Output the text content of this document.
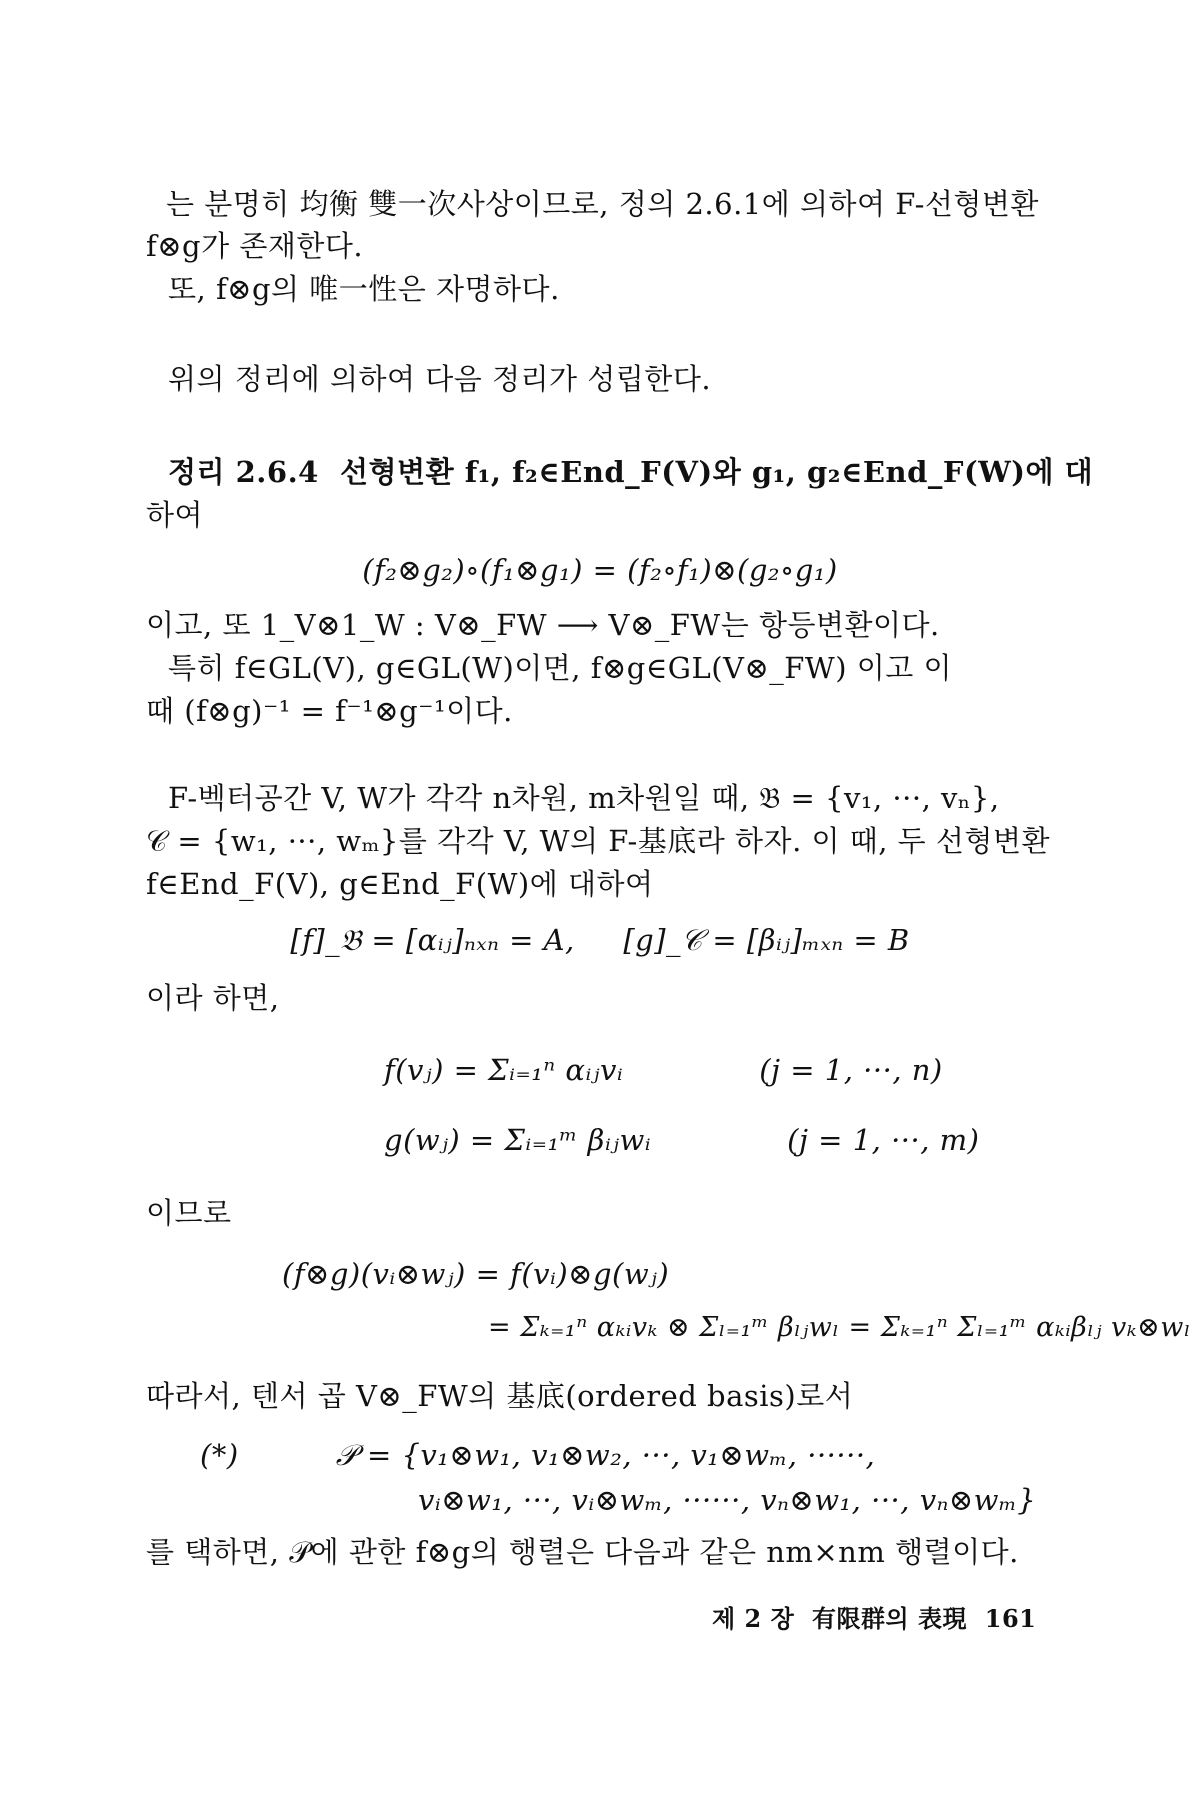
는 분명히 均衡 雙一次사상이므로, 정의 2.6.1에 의하여 F-선형변환
f⊗g가 존재한다.
또, f⊗g의 唯一性은 자명하다.
위의 정리에 의하여 다음 정리가 성립한다.
정리 2.6.4  선형변환 f₁, f₂∈End_F(V)와 g₁, g₂∈End_F(W)에 대
하여
(f₂⊗g₂)∘(f₁⊗g₁) = (f₂∘f₁)⊗(g₂∘g₁)
이고, 또 1_V⊗1_W : V⊗_FW ⟶ V⊗_FW는 항등변환이다.
특히 f∈GL(V), g∈GL(W)이면, f⊗g∈GL(V⊗_FW) 이고 이
때 (f⊗g)⁻¹ = f⁻¹⊗g⁻¹이다.
F-벡터공간 V, W가 각각 n차원, m차원일 때, 𝔅 = {v₁, ···, vₙ},
𝒞 = {w₁, ···, wₘ}를 각각 V, W의 F-基底라 하자. 이 때, 두 선형변환
f∈End_F(V), g∈End_F(W)에 대하여
[f]_𝔅 = [αᵢⱼ]ₙₓₙ = A,     [g]_𝒞 = [βᵢⱼ]ₘₓₙ = B
이라 하면,
f(vⱼ) = Σᵢ₌₁ⁿ αᵢⱼvᵢ              (j = 1, ···, n)
g(wⱼ) = Σᵢ₌₁ᵐ βᵢⱼwᵢ              (j = 1, ···, m)
이므로
(f⊗g)(vᵢ⊗wⱼ) = f(vᵢ)⊗g(wⱼ)
= Σₖ₌₁ⁿ αₖᵢvₖ ⊗ Σₗ₌₁ᵐ βₗⱼwₗ = Σₖ₌₁ⁿ Σₗ₌₁ᵐ αₖᵢβₗⱼ vₖ⊗wₗ
따라서, 텐서 곱 V⊗_FW의 基底(ordered basis)로서
(*)          𝒫 = {v₁⊗w₁, v₁⊗w₂, ···, v₁⊗wₘ, ······,
vᵢ⊗w₁, ···, vᵢ⊗wₘ, ······, vₙ⊗w₁, ···, vₙ⊗wₘ}
를 택하면, 𝒫에 관한 f⊗g의 행렬은 다음과 같은 nm×nm 행렬이다.
제 2 장  有限群의 表現  161
